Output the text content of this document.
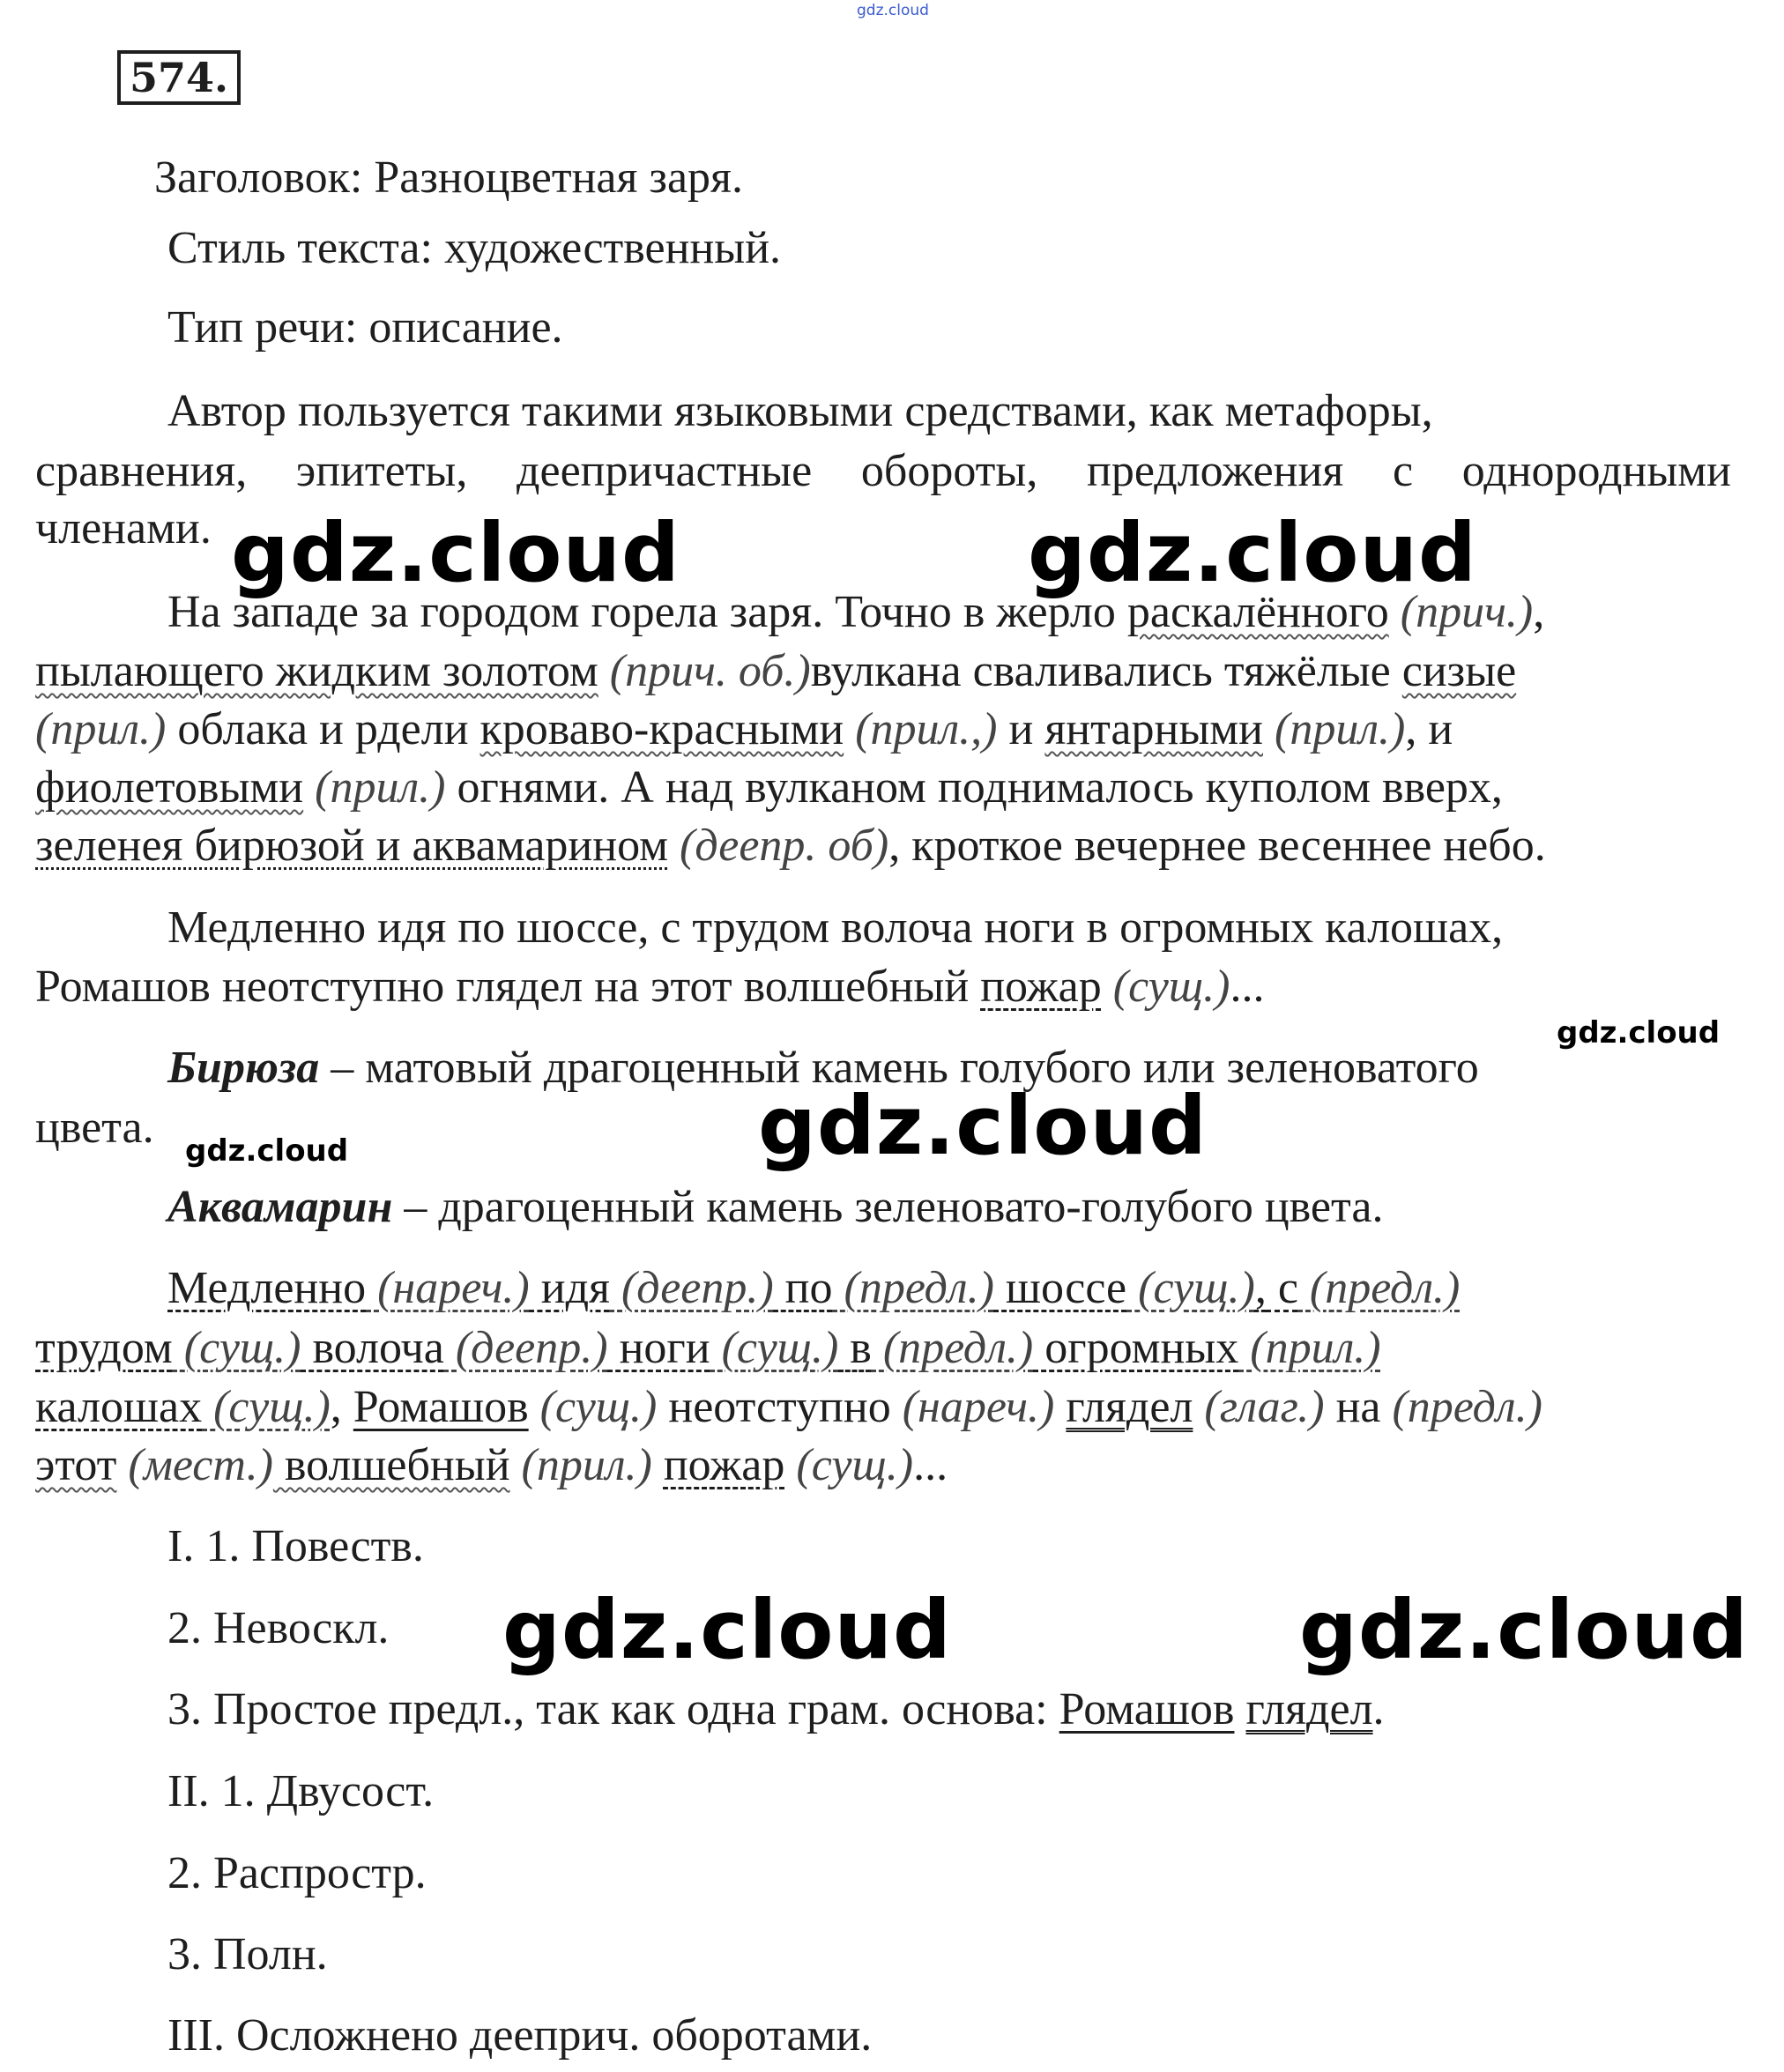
574.
Заголовок: Разноцветная заря.
Стиль текста: художественный.
Тип речи: описание.
Автор пользуется такими языковыми средствами, как метафоры,
сравнения, эпитеты, деепричастные обороты, предложения с однородными
членами.
На западе за городом горела заря. Точно в жерло раскалённого (прич.),
пылающего жидким золотом (прич. об.)вулкана сваливались тяжёлые сизые
(прил.) облака и рдели кроваво-красными (прил.,) и янтарными (прил.), и
фиолетовыми (прил.) огнями. А над вулканом поднималось куполом вверх,
зеленея бирюзой и аквамарином (деепр. об), кроткое вечернее весеннее небо.
Медленно идя по шоссе, с трудом волоча ноги в огромных калошах,
Ромашов неотступно глядел на этот волшебный пожар (сущ.)...
Бирюза – матовый драгоценный камень голубого или зеленоватого
цвета.
Аквамарин – драгоценный камень зеленовато-голубого цвета.
Медленно (нареч.) идя (деепр.) по (предл.) шоссе (сущ.), с (предл.)
трудом (сущ.) волоча (деепр.) ноги (сущ.) в (предл.) огромных (прил.)
калошах (сущ.), Ромашов (сущ.) неотступно (нареч.) глядел (глаг.) на (предл.)
этот (мест.) волшебный (прил.) пожар (сущ.)...
I. 1. Повеств.
2. Невоскл.
3. Простое предл., так как одна грам. основа: Ромашов глядел.
II. 1. Двусост.
2. Распростр.
3. Полн.
III. Осложнено дееприч. оборотами.
gdz.cloud
gdz.cloud	gdz.cloud
gdz.cloud
gdz.cloud
gdz.cloud
gdz.cloud	gdz.cloud
